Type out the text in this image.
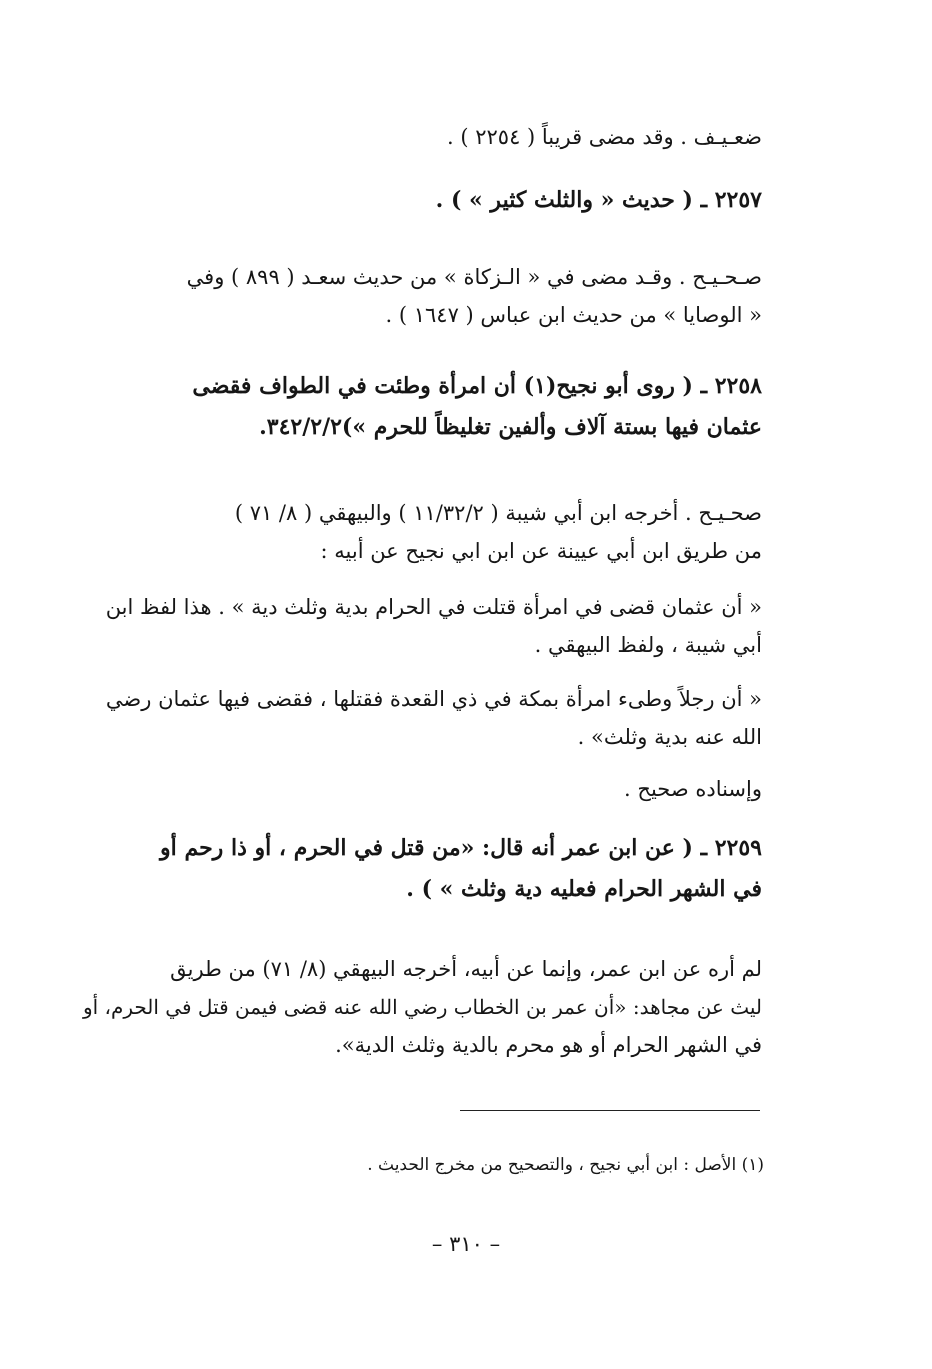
ضعـيـف . وقد مضى قريباً ( ٢٢٥٤ ) .

٢٢٥٧ ـ ( حديث « والثلث كثير » ) .

صـحـيـح . وقـد مضى في « الـزكاة » من حديث سعـد ( ٨٩٩ ) وفي
« الوصايا » من حديث ابن عباس ( ١٦٤٧ ) .

٢٢٥٨ ـ ( روى أبو نجيح(١) أن امرأة وطئت في الطواف فقضى
عثمان فيها بستة آلاف وألفين تغليظاً للحرم »)٣٤٢/٢/٢.

صحـيـح . أخرجه ابن أبي شيبة ( ١١/٣٢/٢ ) والبيهقي ( ٨/ ٧١ )
من طريق ابن أبي عيينة عن ابن ابي نجيح عن أبيه :

« أن عثمان قضى في امرأة قتلت في الحرام بدية وثلث دية » . هذا لفظ ابن
أبي شيبة ، ولفظ البيهقي .

« أن رجلاً وطىء امرأة بمكة في ذي القعدة فقتلها ، فقضى فيها عثمان رضي
الله عنه بدية وثلث» .

وإسناده صحيح .

٢٢٥٩ ـ ( عن ابن عمر أنه قال: «من قتل في الحرم ، أو ذا رحم أو
في الشهر الحرام فعليه دية وثلث » ) .

لم أره عن ابن عمر، وإنما عن أبيه، أخرجه البيهقي (٨/ ٧١) من طريق
ليث عن مجاهد: «أن عمر بن الخطاب رضي الله عنه قضى فيمن قتل في الحرم، أو
في الشهر الحرام أو هو محرم بالدية وثلث الدية».

(١) الأصل : ابن أبي نجيح ، والتصحيح من مخرج الحديث .

– ٣١٠ –
